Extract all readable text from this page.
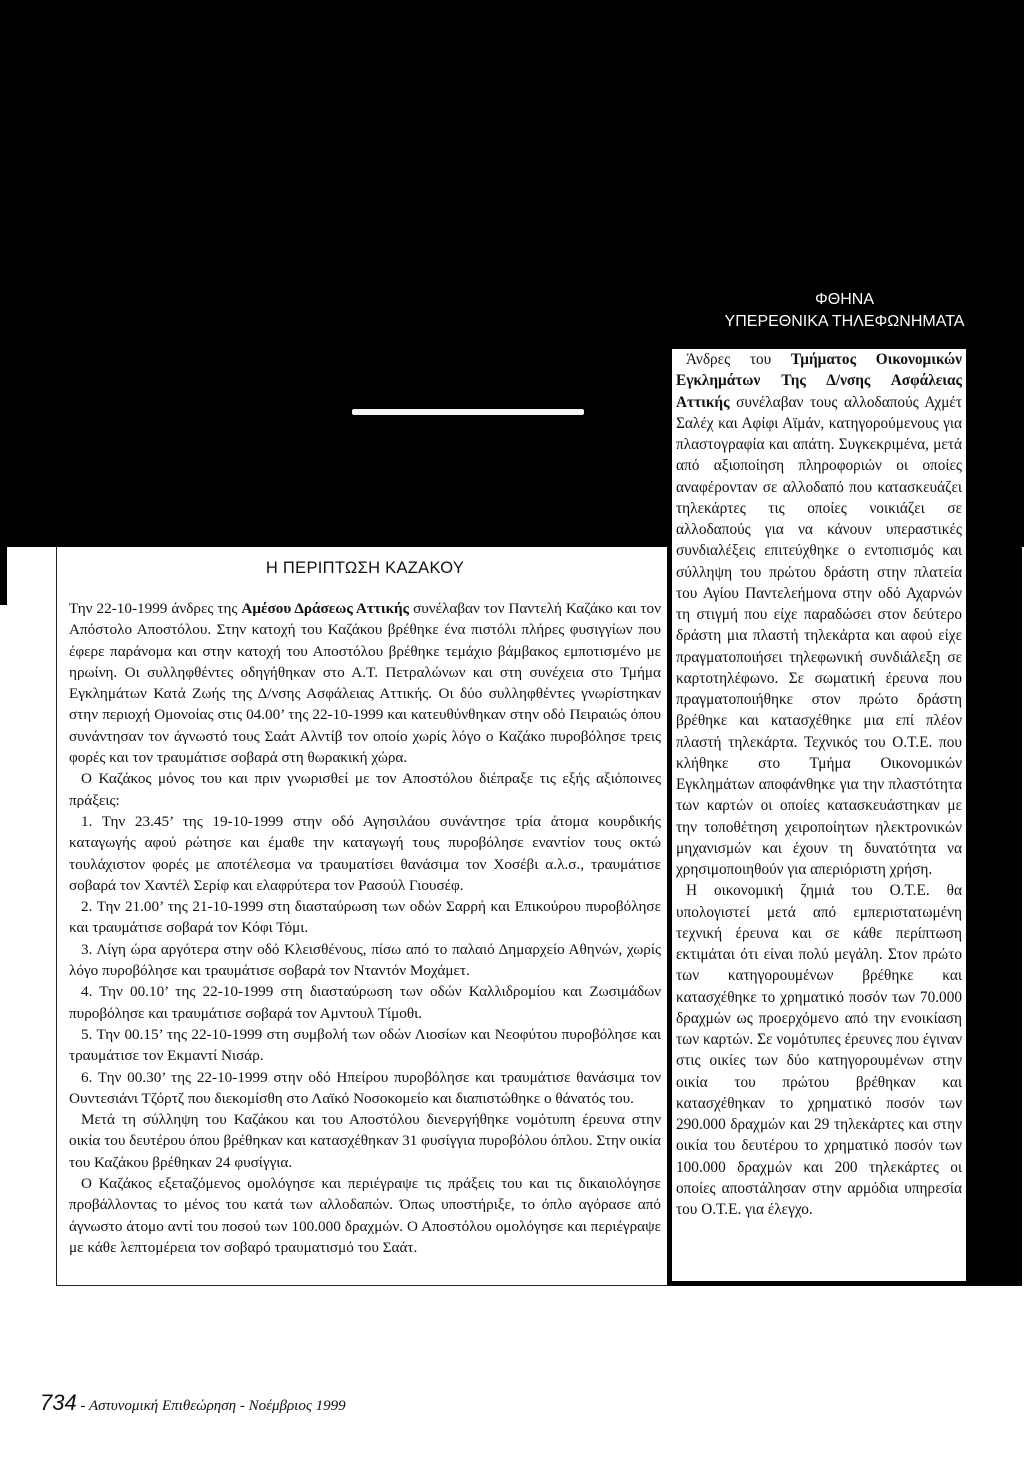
Η ΠΕΡΙΠΤΩΣΗ ΚΑΖΑΚΟΥ

Την 22-10-1999 άνδρες της Αμέσου Δράσεως Αττικής συνέλαβαν τον Παντελή Καζάκο και τον Απόστολο Αποστόλου. Στην κατοχή του Καζάκου βρέθηκε ένα πιστόλι πλήρες φυσιγγίων που έφερε παράνομα και στην κατοχή του Αποστόλου βρέθηκε τεμάχιο βάμβακος εμποτισμένο με ηρωίνη. Οι συλληφθέντες οδηγήθηκαν στο Α.Τ. Πετραλώνων και στη συνέχεια στο Τμήμα Εγκλημάτων Κατά Ζωής της Δ/νσης Ασφάλειας Αττικής. Οι δύο συλληφθέντες γνωρίστηκαν στην περιοχή Ομονοίας στις 04.00’ της 22-10-1999 και κατευθύνθηκαν στην οδό Πειραιώς όπου συνάντησαν τον άγνωστό τους Σαάτ Αλντίβ τον οποίο χωρίς λόγο ο Καζάκο πυροβόλησε τρεις φορές και τον τραυμάτισε σοβαρά στη θωρακική χώρα.

Ο Καζάκος μόνος του και πριν γνωρισθεί με τον Αποστόλου διέπραξε τις εξής αξιόποινες πράξεις:

1. Την 23.45’ της 19-10-1999 στην οδό Αγησιλάου συνάντησε τρία άτομα κουρδικής καταγωγής αφού ρώτησε και έμαθε την καταγωγή τους πυροβόλησε εναντίον τους οκτώ τουλάχιστον φορές με αποτέλεσμα να τραυματίσει θανάσιμα τον Χοσέβι α.λ.σ., τραυμάτισε σοβαρά τον Χαντέλ Σερίφ και ελαφρύτερα τον Ρασούλ Γιουσέφ.

2. Την 21.00’ της 21-10-1999 στη διασταύρωση των οδών Σαρρή και Επικούρου πυροβόλησε και τραυμάτισε σοβαρά τον Κόφι Τόμι.

3. Λίγη ώρα αργότερα στην οδό Κλεισθένους, πίσω από το παλαιό Δημαρχείο Αθηνών, χωρίς λόγο πυροβόλησε και τραυμάτισε σοβαρά τον Νταντόν Μοχάμετ.

4. Την 00.10’ της 22-10-1999 στη διασταύρωση των οδών Καλλιδρομίου και Ζωσιμάδων πυροβόλησε και τραυμάτισε σοβαρά τον Αμντουλ Τίμοθι.

5. Την 00.15’ της 22-10-1999 στη συμβολή των οδών Λιοσίων και Νεοφύτου πυροβόλησε και τραυμάτισε τον Εκμαντί Νισάρ.

6. Την 00.30’ της 22-10-1999 στην οδό Ηπείρου πυροβόλησε και τραυμάτισε θανάσιμα τον Ουντεσιάνι Τζόρτζ που διεκομίσθη στο Λαϊκό Νοσοκομείο και διαπιστώθηκε ο θάνατός του.

Μετά τη σύλληψη του Καζάκου και του Αποστόλου διενεργήθηκε νομότυπη έρευνα στην οικία του δευτέρου όπου βρέθηκαν και κατασχέθηκαν 31 φυσίγγια πυροβόλου όπλου. Στην οικία του Καζάκου βρέθηκαν 24 φυσίγγια.

Ο Καζάκος εξεταζόμενος ομολόγησε και περιέγραψε τις πράξεις του και τις δικαιολόγησε προβάλλοντας το μένος του κατά των αλλοδαπών. Όπως υποστήριξε, το όπλο αγόρασε από άγνωστο άτομο αντί του ποσού των 100.000 δραχμών. Ο Αποστόλου ομολόγησε και περιέγραψε με κάθε λεπτομέρεια τον σοβαρό τραυματισμό του Σαάτ.

ΦΘΗΝΑ
ΥΠΕΡΕΘΝΙΚΑ ΤΗΛΕΦΩΝΗΜΑΤΑ

Άνδρες του Τμήματος Οικονομικών Εγκλημάτων Της Δ/νσης Ασφάλειας Αττικής συνέλαβαν τους αλλοδαπούς Αχμέτ Σαλέχ και Αφίφι Αϊμάν, κατηγορούμενους για πλαστογραφία και απάτη. Συγκεκριμένα, μετά από αξιοποίηση πληροφοριών οι οποίες αναφέρονταν σε αλλοδαπό που κατασκευάζει τηλεκάρτες τις οποίες νοικιάζει σε αλλοδαπούς για να κάνουν υπεραστικές συνδιαλέξεις επιτεύχθηκε ο εντοπισμός και σύλληψη του πρώτου δράστη στην πλατεία του Αγίου Παντελεήμονα στην οδό Αχαρνών τη στιγμή που είχε παραδώσει στον δεύτερο δράστη μια πλαστή τηλεκάρτα και αφού είχε πραγματοποιήσει τηλεφωνική συνδιάλεξη σε καρτοτηλέφωνο. Σε σωματική έρευνα που πραγματοποιήθηκε στον πρώτο δράστη βρέθηκε και κατασχέθηκε μια επί πλέον πλαστή τηλεκάρτα. Τεχνικός του Ο.Τ.Ε. που κλήθηκε στο Τμήμα Οικονομικών Εγκλημάτων αποφάνθηκε για την πλαστότητα των καρτών οι οποίες κατασκευάστηκαν με την τοποθέτηση χειροποίητων ηλεκτρονικών μηχανισμών και έχουν τη δυνατότητα να χρησιμοποιηθούν για απεριόριστη χρήση.

Η οικονομική ζημιά του Ο.Τ.Ε. θα υπολογιστεί μετά από εμπεριστατωμένη τεχνική έρευνα και σε κάθε περίπτωση εκτιμάται ότι είναι πολύ μεγάλη. Στον πρώτο των κατηγορουμένων βρέθηκε και κατασχέθηκε το χρηματικό ποσόν των 70.000 δραχμών ως προερχόμενο από την ενοικίαση των καρτών. Σε νομότυπες έρευνες που έγιναν στις οικίες των δύο κατηγορουμένων στην οικία του πρώτου βρέθηκαν και κατασχέθηκαν το χρηματικό ποσόν των 290.000 δραχμών και 29 τηλεκάρτες και στην οικία του δευτέρου το χρηματικό ποσόν των 100.000 δραχμών και 200 τηλεκάρτες οι οποίες αποστάλησαν στην αρμόδια υπηρεσία του Ο.Τ.Ε. για έλεγχο.

734 - Αστυνομική Επιθεώρηση - Νοέμβριος 1999
